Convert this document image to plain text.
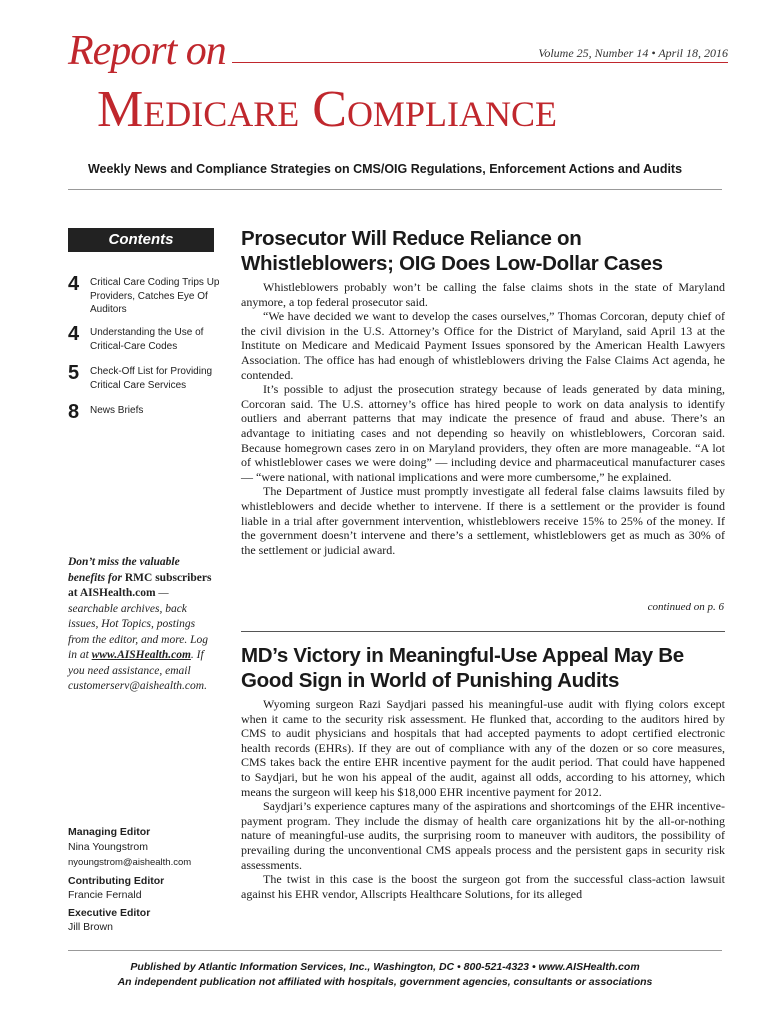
Report on	Volume 25, Number 14 • April 18, 2016
MEDICARE COMPLIANCE
Weekly News and Compliance Strategies on CMS/OIG Regulations, Enforcement Actions and Audits
Contents
4 Critical Care Coding Trips Up Providers, Catches Eye Of Auditors
4 Understanding the Use of Critical-Care Codes
5 Check-Off List for Providing Critical Care Services
8 News Briefs
Don’t miss the valuable benefits for RMC subscribers at AISHealth.com — searchable archives, back issues, Hot Topics, postings from the editor, and more. Log in at www.AISHealth.com. If you need assistance, email customerserv@aishealth.com.
Managing Editor
Nina Youngstrom
nyoungstrom@aishealth.com
Contributing Editor
Francie Fernald
Executive Editor
Jill Brown
Prosecutor Will Reduce Reliance on Whistleblowers; OIG Does Low-Dollar Cases

Whistleblowers probably won’t be calling the false claims shots in the state of Maryland anymore, a top federal prosecutor said.

“We have decided we want to develop the cases ourselves,” Thomas Corcoran, deputy chief of the civil division in the U.S. Attorney’s Office for the District of Maryland, said April 13 at the Institute on Medicare and Medicaid Payment Issues sponsored by the American Health Lawyers Association. The office has had enough of whistleblowers driving the False Claims Act agenda, he contended.

It’s possible to adjust the prosecution strategy because of leads generated by data mining, Corcoran said. The U.S. attorney’s office has hired people to work on data analysis to identify outliers and aberrant patterns that may indicate the presence of fraud and abuse. There’s an advantage to initiating cases and not depending so heavily on whistleblowers, Corcoran said. Because homegrown cases zero in on Maryland providers, they often are more manageable. “A lot of whistleblower cases we were doing” — including device and pharmaceutical manufacturer cases — “were national, with national implications and were more cumbersome,” he explained.

The Department of Justice must promptly investigate all federal false claims lawsuits filed by whistleblowers and decide whether to intervene. If there is a settlement or the provider is found liable in a trial after government intervention, whistleblowers receive 15% to 25% of the money. If the government doesn’t intervene and there’s a settlement, whistleblowers get as much as 30% of the settlement or judicial award.

continued on p. 6
MD’s Victory in Meaningful-Use Appeal May Be Good Sign in World of Punishing Audits

Wyoming surgeon Razi Saydjari passed his meaningful-use audit with flying colors except when it came to the security risk assessment. He flunked that, according to the auditors hired by CMS to audit physicians and hospitals that had accepted payments to adopt certified electronic health records (EHRs). If they are out of compliance with any of the dozen or so core measures, CMS takes back the entire EHR incentive payment for the audit period. That could have happened to Saydjari, but he won his appeal of the audit, against all odds, according to his attorney, which means the surgeon will keep his $18,000 EHR incentive payment for 2012.

Saydjari’s experience captures many of the aspirations and shortcomings of the EHR incentive-payment program. They include the dismay of health care organizations hit by the all-or-nothing nature of meaningful-use audits, the surprising room to maneuver with auditors, the possibility of prevailing during the unconventional CMS appeals process and the persistent gaps in security risk assessments.

The twist in this case is the boost the surgeon got from the successful class-action lawsuit against his EHR vendor, Allscripts Healthcare Solutions, for its alleged

Published by Atlantic Information Services, Inc., Washington, DC • 800-521-4323 • www.AISHealth.com
An independent publication not affiliated with hospitals, government agencies, consultants or associations
